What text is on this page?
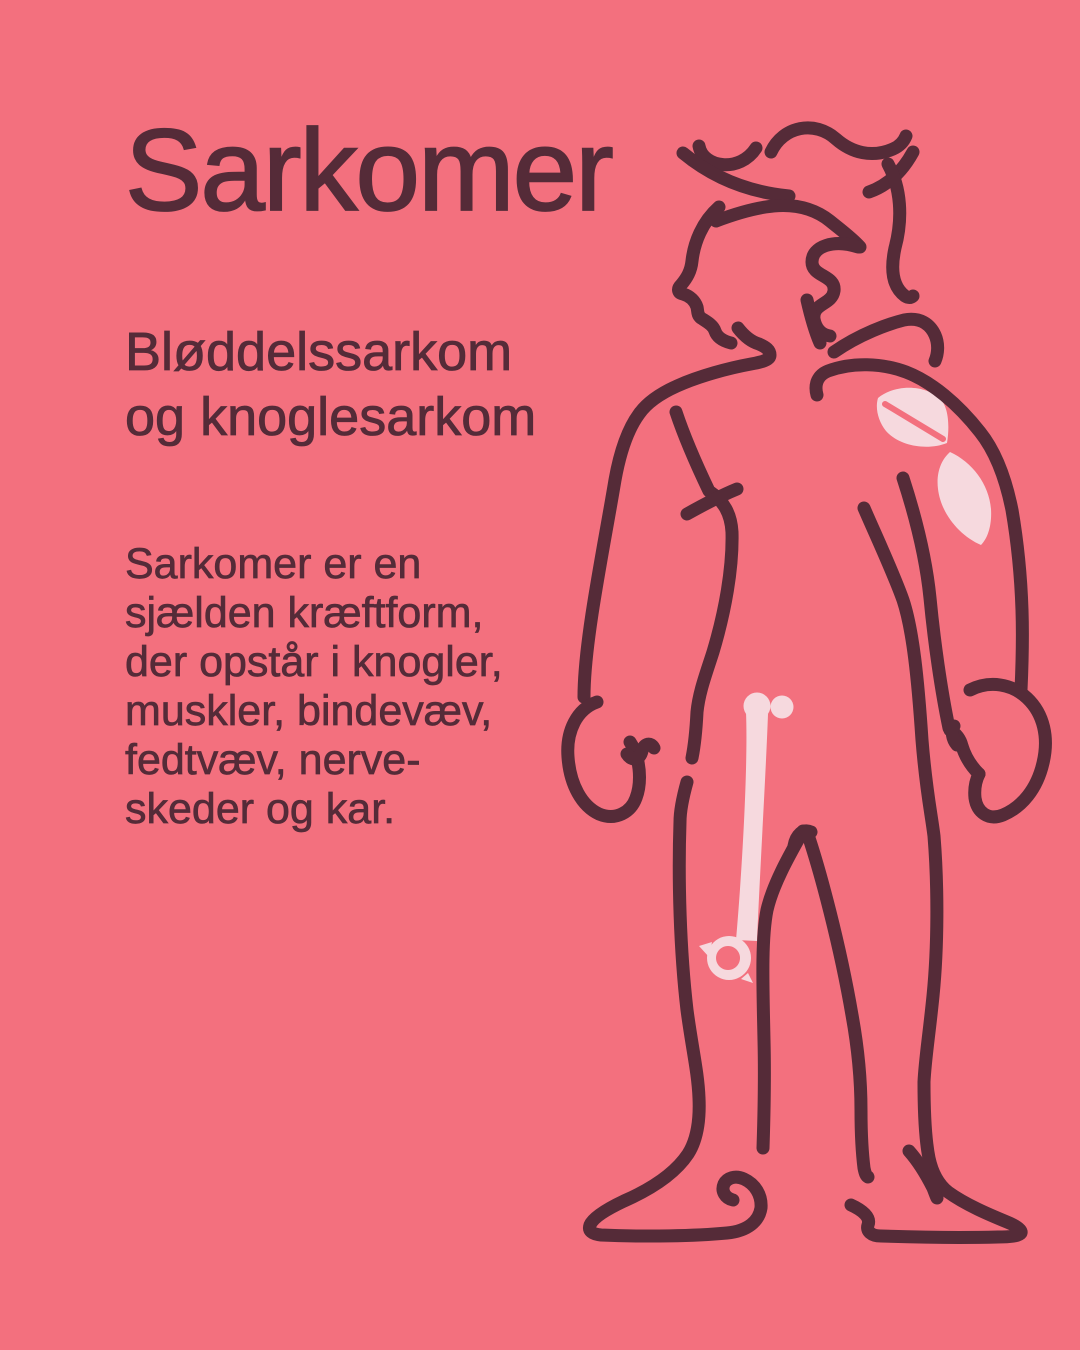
Sarkomer
Bløddelssarkom
og knoglesarkom
Sarkomer er en
sjælden kræftform,
der opstår i knogler,
muskler, bindevæv,
fedtvæv, nerve-
skeder og kar.
